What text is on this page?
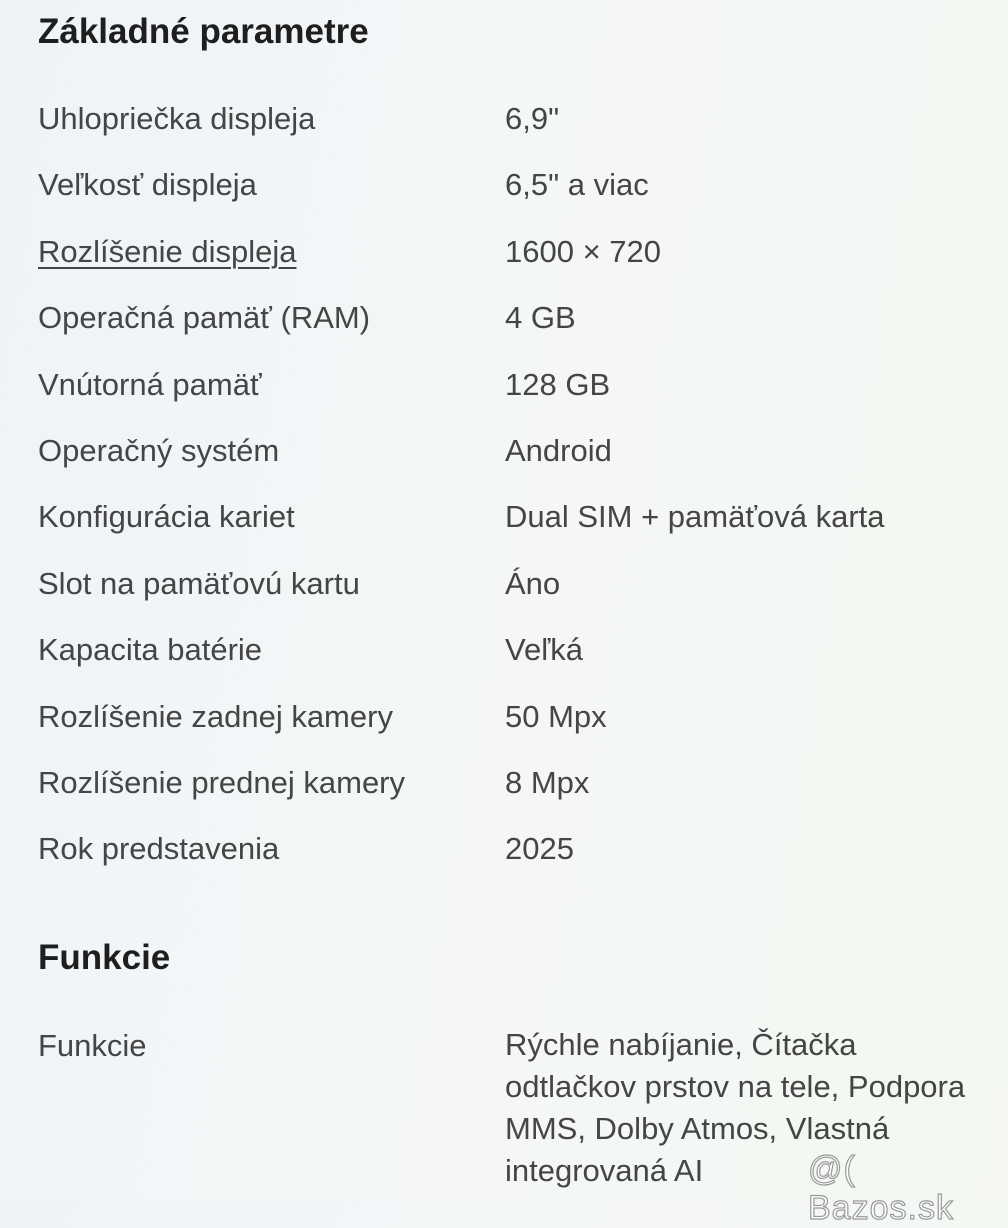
Základné parametre
Uhlopriečka displeja	6,9"
Veľkosť displeja	6,5" a viac
Rozlíšenie displeja	1600 × 720
Operačná pamäť (RAM)	4 GB
Vnútorná pamäť	128 GB
Operačný systém	Android
Konfigurácia kariet	Dual SIM + pamäťová karta
Slot na pamäťovú kartu	Áno
Kapacita batérie	Veľká
Rozlíšenie zadnej kamery	50 Mpx
Rozlíšenie prednej kamery	8 Mpx
Rok predstavenia	2025
Funkcie
Funkcie	Rýchle nabíjanie, Čítačka odtlačkov prstov na tele, Podpora MMS, Dolby Atmos, Vlastná integrovaná AI	@( Bazos.sk
